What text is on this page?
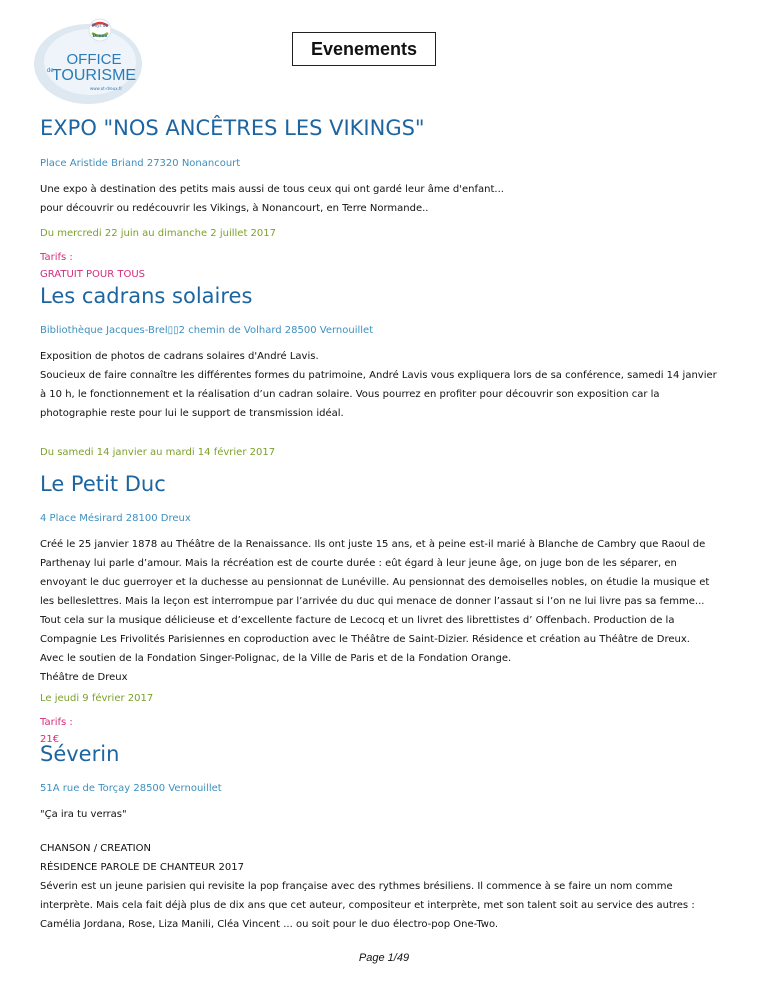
Pays de
Dreux
OFFICE
de
TOURISME
www.ot-dreux.fr
Evenements
EXPO "NOS ANCÊTRES LES VIKINGS"
Place Aristide Briand 27320 Nonancourt
Une expo à destination des petits mais aussi de tous ceux qui ont gardé leur âme d'enfant...
pour découvrir ou redécouvrir les Vikings, à Nonancourt, en Terre Normande..
Du mercredi 22 juin au dimanche 2 juillet 2017
Tarifs :
GRATUIT POUR TOUS
Les cadrans solaires
Bibliothèque Jacques-Brel▯▯2 chemin de Volhard 28500 Vernouillet
Exposition de photos de cadrans solaires d'André Lavis.
Soucieux de faire connaître les différentes formes du patrimoine, André Lavis vous expliquera lors de sa conférence, samedi 14 janvier
à 10 h, le fonctionnement et la réalisation d’un cadran solaire. Vous pourrez en profiter pour découvrir son exposition car la
photographie reste pour lui le support de transmission idéal.
Du samedi 14 janvier au mardi 14 février 2017
Le Petit Duc
4 Place Mésirard 28100 Dreux
Créé le 25 janvier 1878 au Théâtre de la Renaissance. Ils ont juste 15 ans, et à peine est-il marié à Blanche de Cambry que Raoul de
Parthenay lui parle d’amour. Mais la récréation est de courte durée : eût égard à leur jeune âge, on juge bon de les séparer, en
envoyant le duc guerroyer et la duchesse au pensionnat de Lunéville. Au pensionnat des demoiselles nobles, on étudie la musique et
les belleslettres. Mais la leçon est interrompue par l’arrivée du duc qui menace de donner l’assaut si l’on ne lui livre pas sa femme...
Tout cela sur la musique délicieuse et d’excellente facture de Lecocq et un livret des librettistes d’ Offenbach. Production de la
Compagnie Les Frivolités Parisiennes en coproduction avec le Théâtre de Saint-Dizier. Résidence et création au Théâtre de Dreux.
Avec le soutien de la Fondation Singer-Polignac, de la Ville de Paris et de la Fondation Orange.
Théâtre de Dreux
Le jeudi 9 février 2017
Tarifs :
21€
Séverin
51A rue de Torçay 28500 Vernouillet
"Ça ira tu verras"
CHANSON / CREATION
RÉSIDENCE PAROLE DE CHANTEUR 2017
Séverin est un jeune parisien qui revisite la pop française avec des rythmes brésiliens. Il commence à se faire un nom comme
interprète. Mais cela fait déjà plus de dix ans que cet auteur, compositeur et interprète, met son talent soit au service des autres :
Camélia Jordana, Rose, Liza Manili, Cléa Vincent ... ou soit pour le duo électro-pop One-Two.
Page 1/49
